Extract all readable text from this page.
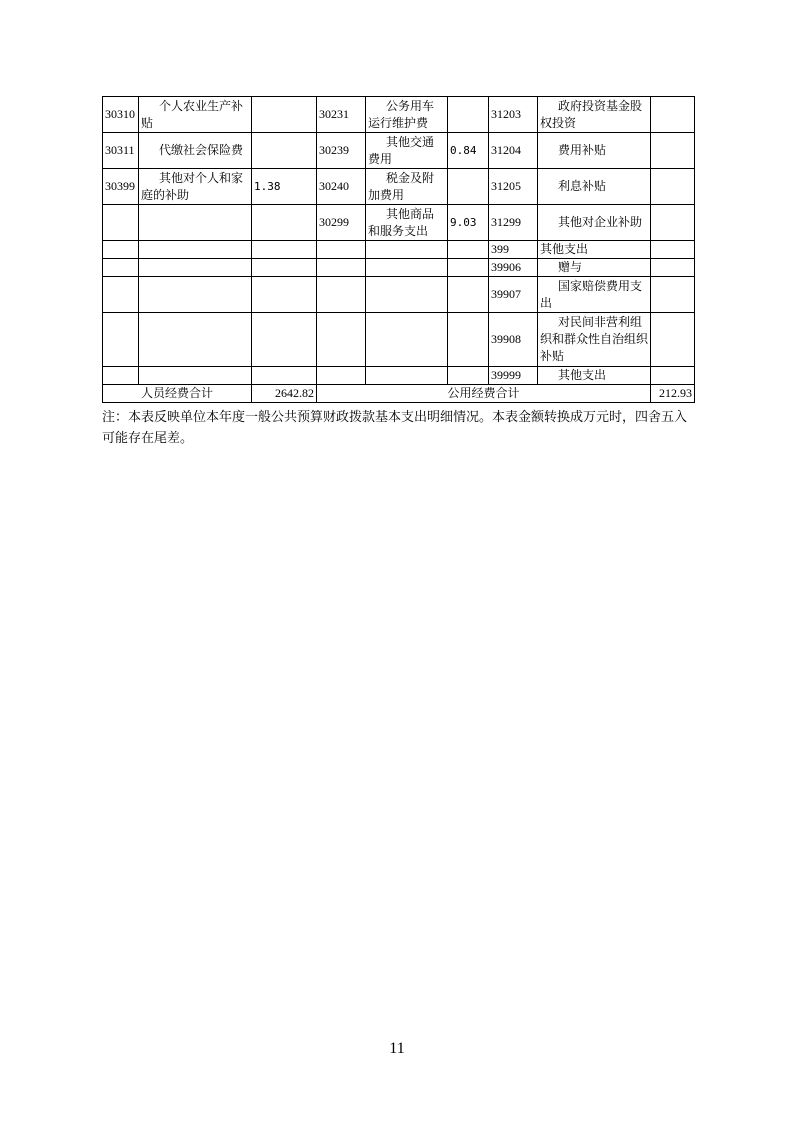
30310	个人农业生产补贴		30231	公务用车运行维护费		31203	政府投资基金股权投资	
30311	代缴社会保险费		30239	其他交通费用	0.84	31204	费用补贴	
30399	其他对个人和家庭的补助	1.38	30240	税金及附加费用		31205	利息补贴	
			30299	其他商品和服务支出	9.03	31299	其他对企业补助	
						399	其他支出	
						39906	赠与	
						39907	国家赔偿费用支出	
						39908	对民间非营利组织和群众性自治组织补贴	
						39999	其他支出	
人员经费合计		2642.82	公用经费合计					212.93
注：本表反映单位本年度一般公共预算财政拨款基本支出明细情况。本表金额转换成万元时，四舍五入可能存在尾差。
11
